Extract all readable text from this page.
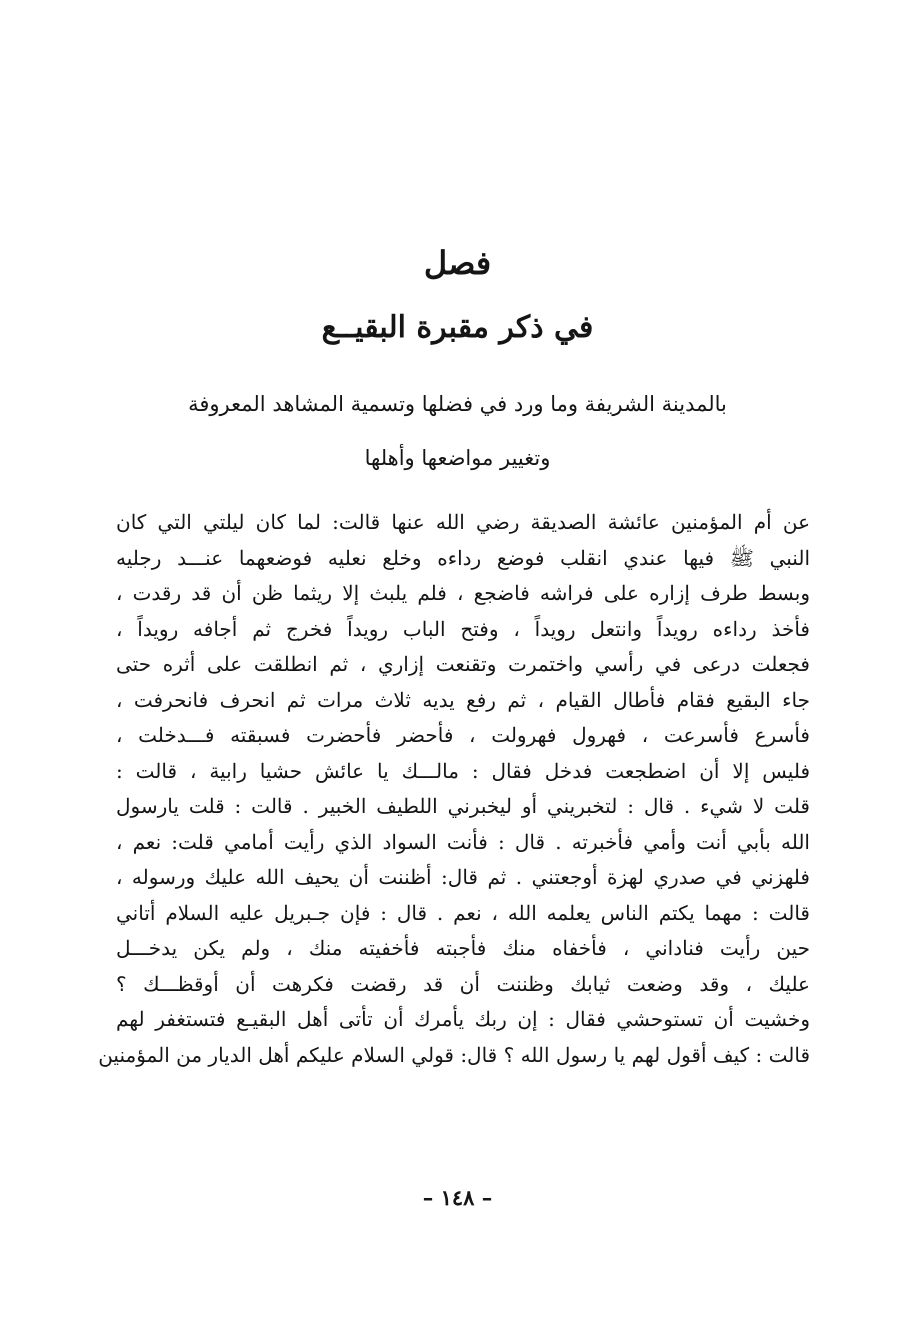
فصل
في ذكر مقبرة البقيــع
بالمدينة الشريفة وما ورد في فضلها وتسمية المشاهد المعروفة
وتغيير مواضعها وأهلها
عن أم المؤمنين عائشة الصديقة رضي الله عنها قالت: لما كان ليلتي التي كان
النبي ﷺ فيها عندي انقلب فوضع رداءه وخلع نعليه فوضعهما عنـــد رجليه
وبسط طرف إزاره على فراشه فاضجع ، فلم يلبث إلا ريثما ظن أن قد رقدت ،
فأخذ رداءه رويداً وانتعل رويداً ، وفتح الباب رويداً فخرج ثم أجافه رويداً ،
فجعلت درعى في رأسي واختمرت وتقنعت إزاري ، ثم انطلقت على أثره حتى
جاء البقيع فقام فأطال القيام ، ثم رفع يديه ثلاث مرات ثم انحرف فانحرفت ،
فأسرع فأسرعت ، فهرول فهرولت ، فأحضر فأحضرت فسبقته فـــدخلت ،
فليس إلا أن اضطجعت فدخل فقال : مالـــك يا عائش حشيا رابية ، قالت :
قلت لا شيء . قال : لتخبريني أو ليخبرني اللطيف الخبير . قالت : قلت يارسول
الله بأبي أنت وأمي فأخبرته . قال : فأنت السواد الذي رأيت أمامي قلت: نعم ،
فلهزني في صدري لهزة أوجعتني . ثم قال: أظننت أن يحيف الله عليك ورسوله ،
قالت : مهما يكتم الناس يعلمه الله ، نعم . قال : فإن جـبريل عليه السلام أتاني
حين رأيت فناداني ، فأخفاه منك فأجبته فأخفيته منك ، ولم يكن يدخـــل
عليك ، وقد وضعت ثيابك وظننت أن قد رقضت فكرهت أن أوقظـــك ؟
وخشيت أن تستوحشي فقال : إن ربك يأمرك أن تأتى أهل البقيـع فتستغفر لهم
قالت : كيف أقول لهم يا رسول الله ؟ قال: قولي السلام عليكم أهل الديار من المؤمنين
– ١٤٨ –
